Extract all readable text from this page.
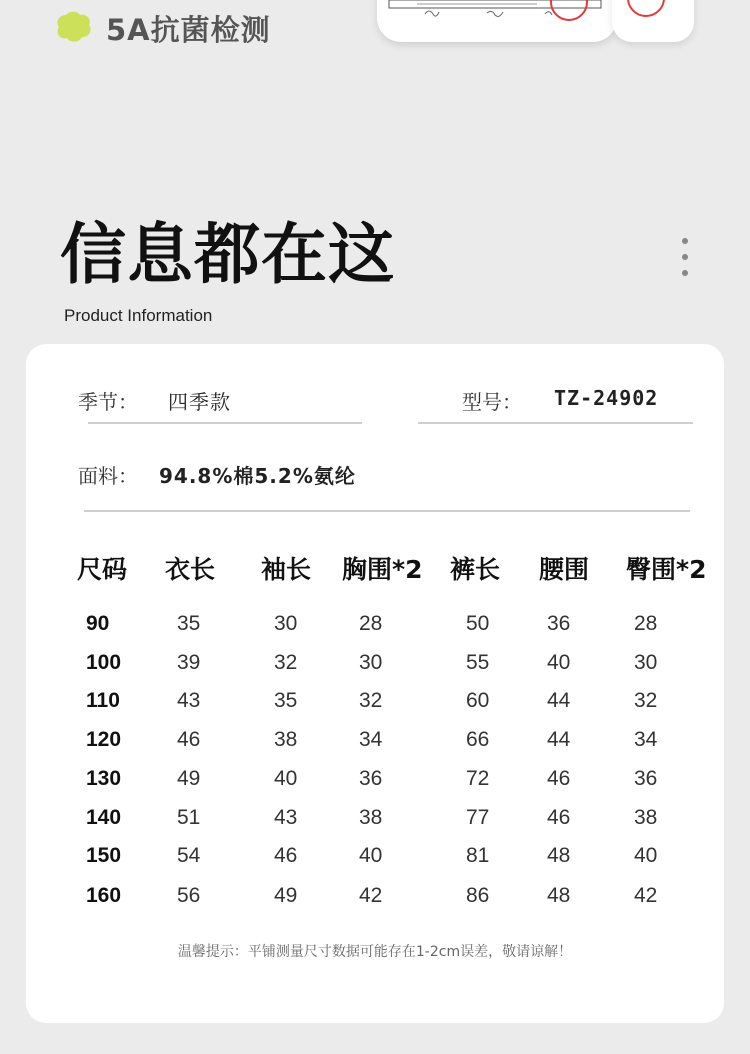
5A抗菌检测
信息都在这
Product Information
季节： 四季款	型号： TZ-24902
面料： 94.8%棉5.2%氨纶
尺码 衣长 袖长 胸围*2 裤长 腰围 臀围*2
90	35	30	28	50	36	28
100	39	32	30	55	40	30
110	43	35	32	60	44	32
120	46	38	34	66	44	34
130	49	40	36	72	46	36
140	51	43	38	77	46	38
150	54	46	40	81	48	40
160	56	49	42	86	48	42
温馨提示：平铺测量尺寸数据可能存在1-2cm误差，敬请谅解！
